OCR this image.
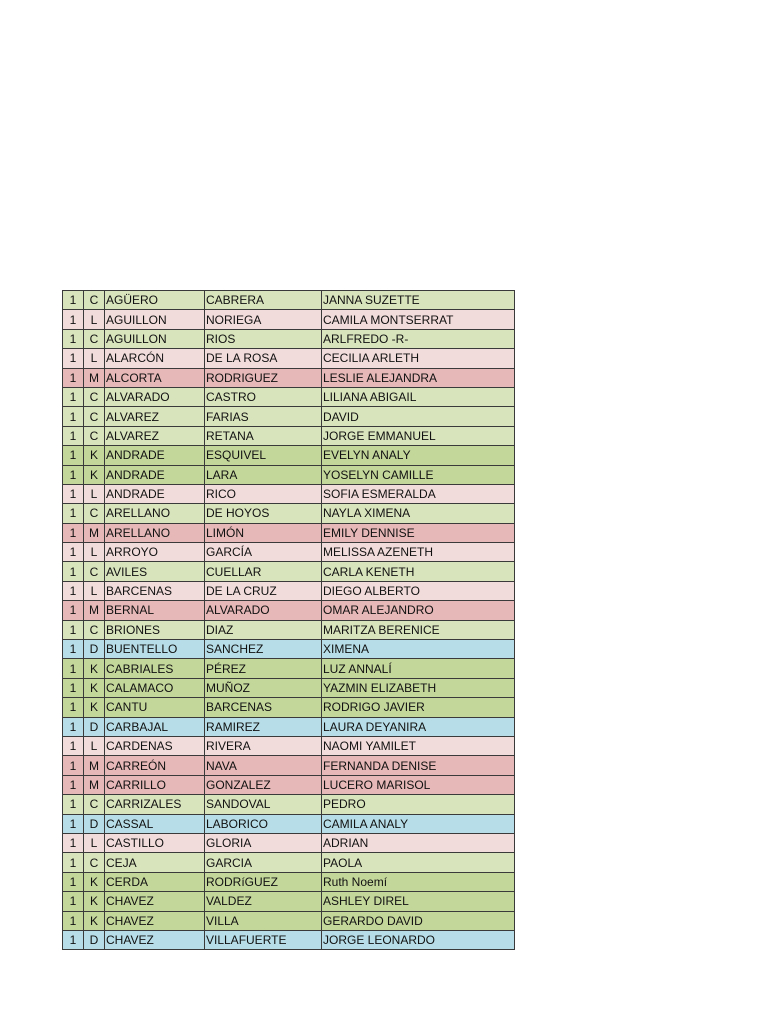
1	C	AGÜERO	CABRERA	JANNA SUZETTE
1	L	AGUILLON	NORIEGA	CAMILA MONTSERRAT
1	C	AGUILLON	RIOS	ARLFREDO -R-
1	L	ALARCÓN	DE LA ROSA	CECILIA ARLETH
1	M	ALCORTA	RODRIGUEZ	LESLIE ALEJANDRA
1	C	ALVARADO	CASTRO	LILIANA ABIGAIL
1	C	ALVAREZ	FARIAS	DAVID
1	C	ALVAREZ	RETANA	JORGE EMMANUEL
1	K	ANDRADE	ESQUIVEL	EVELYN ANALY
1	K	ANDRADE	LARA	YOSELYN CAMILLE
1	L	ANDRADE	RICO	SOFIA ESMERALDA
1	C	ARELLANO	DE HOYOS	NAYLA XIMENA
1	M	ARELLANO	LIMÓN	EMILY DENNISE
1	L	ARROYO	GARCÍA	MELISSA AZENETH
1	C	AVILES	CUELLAR	CARLA KENETH
1	L	BARCENAS	DE LA CRUZ	DIEGO ALBERTO
1	M	BERNAL	ALVARADO	OMAR ALEJANDRO
1	C	BRIONES	DIAZ	MARITZA BERENICE
1	D	BUENTELLO	SANCHEZ	XIMENA
1	K	CABRIALES	PÉREZ	LUZ ANNALÍ
1	K	CALAMACO	MUÑOZ	YAZMIN ELIZABETH
1	K	CANTU	BARCENAS	RODRIGO JAVIER
1	D	CARBAJAL	RAMIREZ	LAURA DEYANIRA
1	L	CARDENAS	RIVERA	NAOMI YAMILET
1	M	CARREÓN	NAVA	FERNANDA DENISE
1	M	CARRILLO	GONZALEZ	LUCERO MARISOL
1	C	CARRIZALES	SANDOVAL	PEDRO
1	D	CASSAL	LABORICO	CAMILA ANALY
1	L	CASTILLO	GLORIA	ADRIAN
1	C	CEJA	GARCIA	PAOLA
1	K	CERDA	RODRíGUEZ	Ruth Noemí
1	K	CHAVEZ	VALDEZ	ASHLEY DIREL
1	K	CHAVEZ	VILLA	GERARDO DAVID
1	D	CHAVEZ	VILLAFUERTE	JORGE LEONARDO
